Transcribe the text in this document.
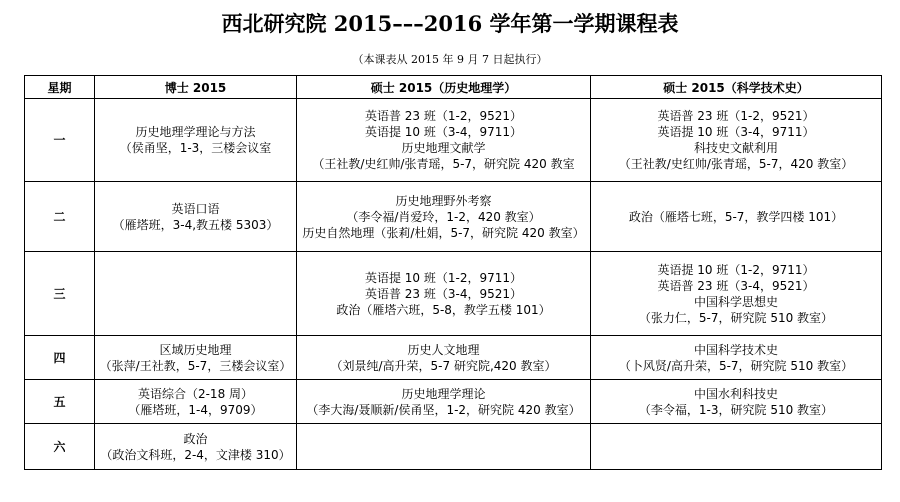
西北研究院 2015–––2016 学年第一学期课程表
（本课表从 2015 年 9 月 7 日起执行）
星期	博士 2015	硕士 2015（历史地理学）	硕士 2015（科学技术史）
一	历史地理学理论与方法
（侯甬坚，1-3，三楼会议室	英语普 23 班（1-2，9521）
英语提 10 班（3-4，9711）
历史地理文献学
（王社教/史红帅/张青瑶，5-7，研究院 420 教室	英语普 23 班（1-2，9521）
英语提 10 班（3-4，9711）
科技史文献利用
（王社教/史红帅/张青瑶，5-7，420 教室）

二	英语口语
（雁塔班，3-4,教五楼 5303）	历史地理野外考察
（李令福/肖爱玲，1-2，420 教室）
历史自然地理（张莉/杜娟，5-7，研究院 420 教室）	政治（雁塔七班，5-7，教学四楼 101）

三		英语提 10 班（1-2，9711）
英语普 23 班（3-4，9521）
政治（雁塔六班，5-8，教学五楼 101）	英语提 10 班（1-2，9711）
英语普 23 班（3-4，9521）
中国科学思想史
（张力仁，5-7，研究院 510 教室）

四	区域历史地理
（张萍/王社教，5-7，三楼会议室）	历史人文地理
（刘景纯/高升荣，5-7 研究院,420 教室）	中国科学技术史
（卜风贤/高升荣，5-7，研究院 510 教室）

五	英语综合（2-18 周）
（雁塔班，1-4，9709）	历史地理学理论
（李大海/聂顺新/侯甬坚，1-2，研究院 420 教室）	中国水利科技史
（李令福，1-3，研究院 510 教室）

六	政治
（政治文科班，2-4，文津楼 310）		
